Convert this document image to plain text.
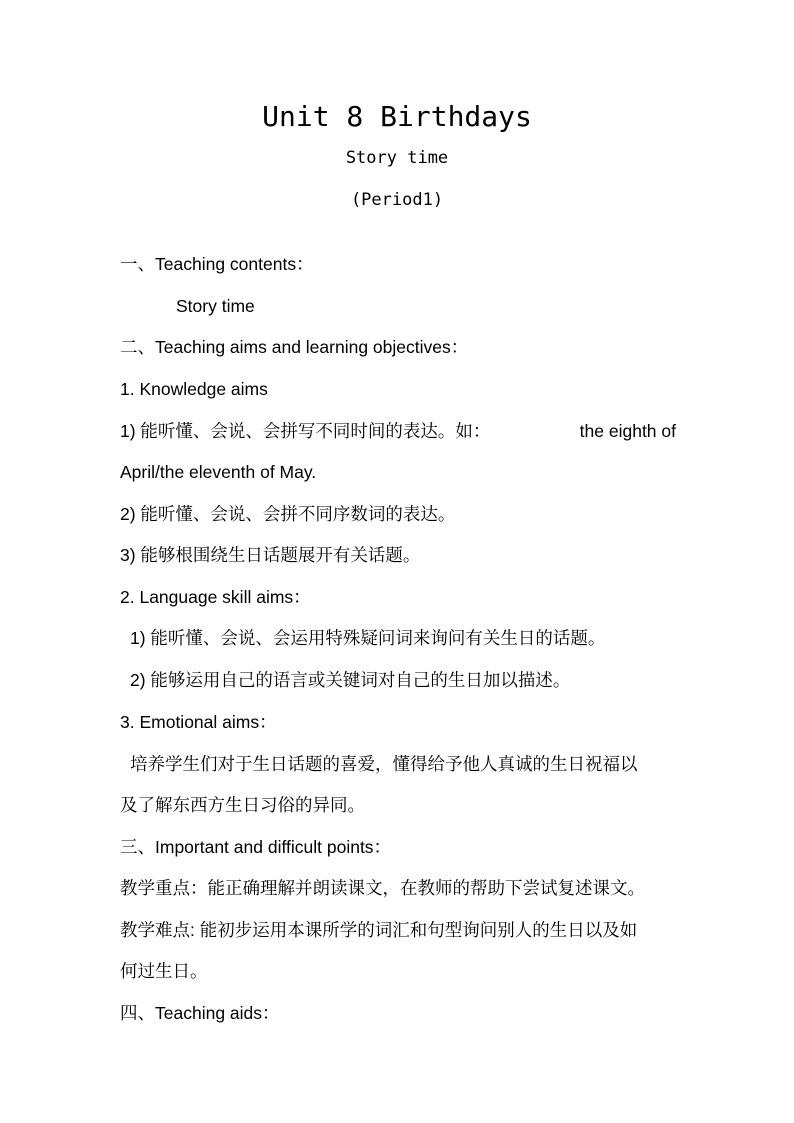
Unit 8 Birthdays
Story time
(Period1)
一、Teaching contents：
Story time
二、Teaching aims and learning objectives：
1. Knowledge aims
1) 能听懂、会说、会拼写不同时间的表达。如：	the eighth of
April/the eleventh of May.
2) 能听懂、会说、会拼不同序数词的表达。
3) 能够根围绕生日话题展开有关话题。
2. Language skill aims：
1) 能听懂、会说、会运用特殊疑问词来询问有关生日的话题。
2) 能够运用自己的语言或关键词对自己的生日加以描述。
3. Emotional aims：
培养学生们对于生日话题的喜爱，懂得给予他人真诚的生日祝福以
及了解东西方生日习俗的异同。
三、Important and difficult points：
教学重点：能正确理解并朗读课文，在教师的帮助下尝试复述课文。
教学难点: 能初步运用本课所学的词汇和句型询问别人的生日以及如
何过生日。
四、Teaching aids：
